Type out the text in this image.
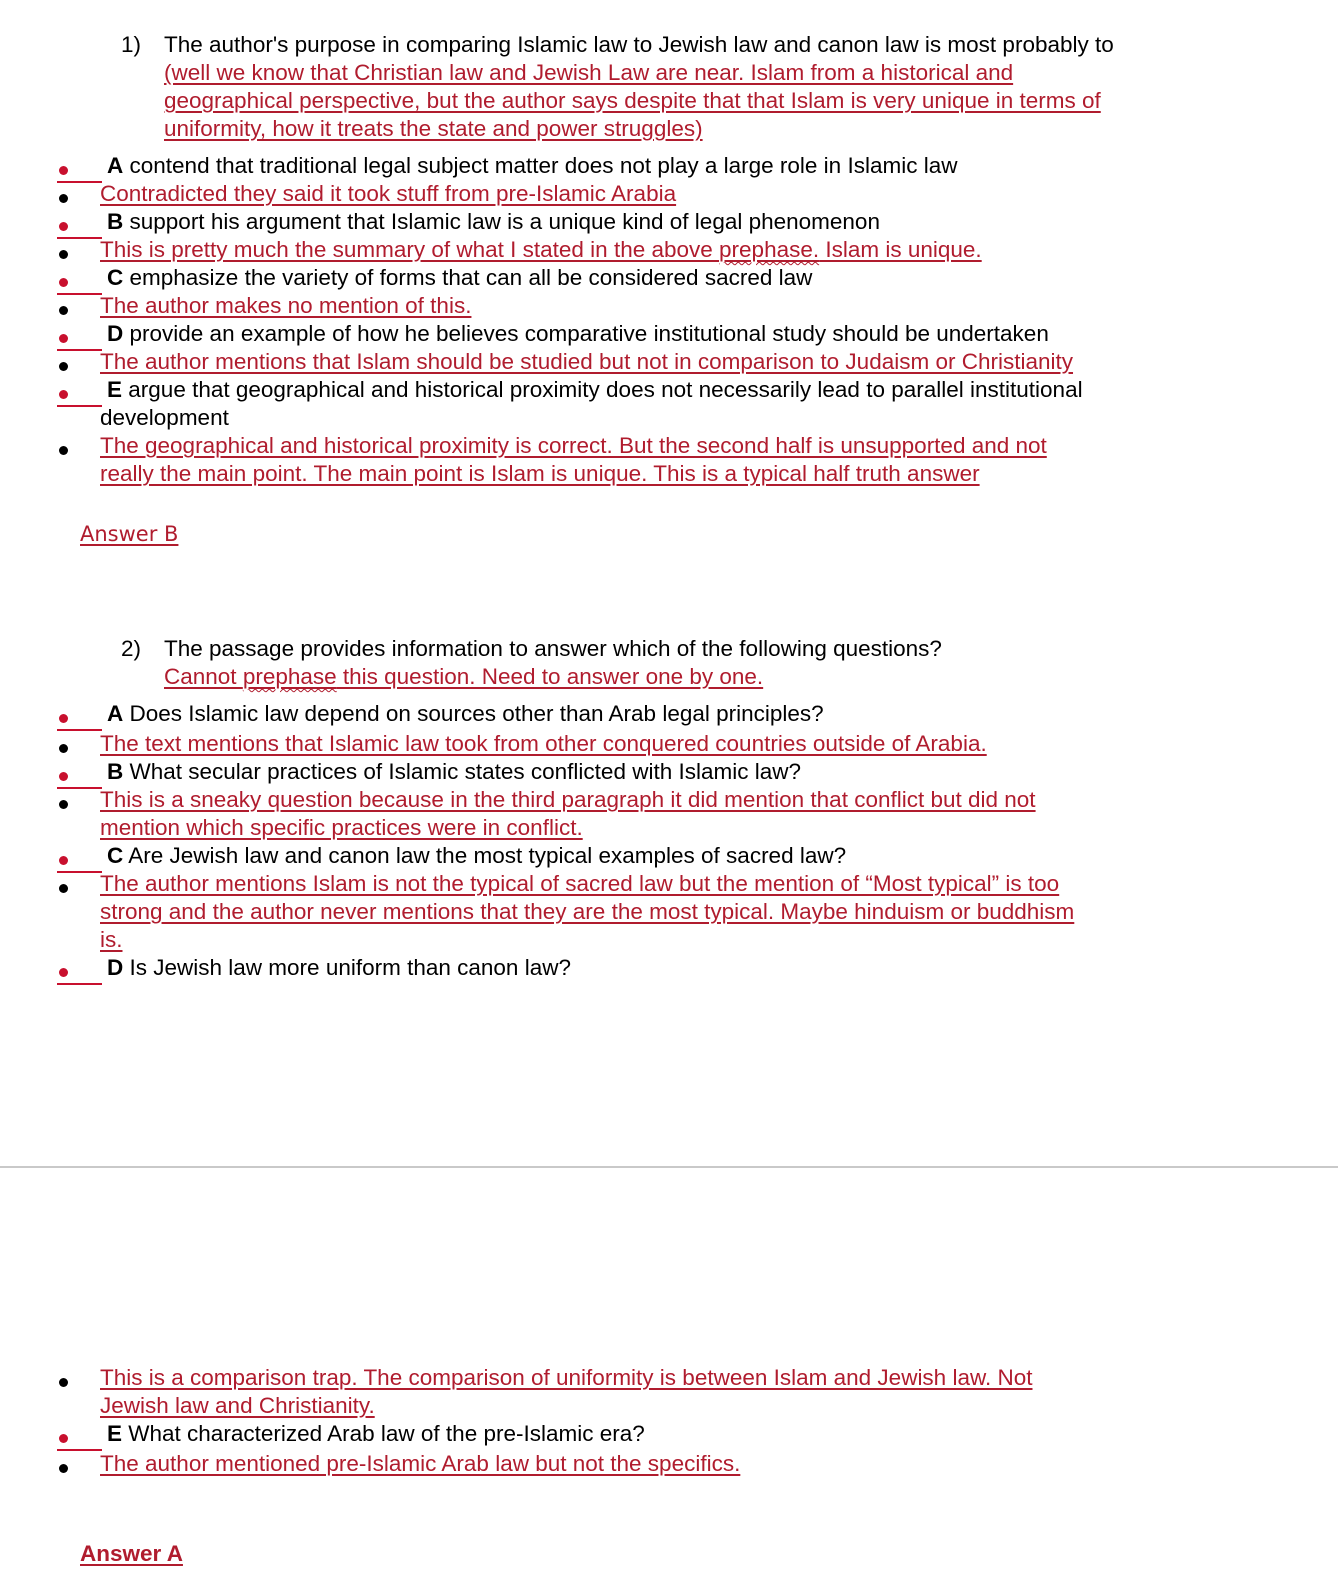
1) The author's purpose in comparing Islamic law to Jewish law and canon law is most probably to
(well we know that Christian law and Jewish Law are near. Islam from a historical and
geographical perspective, but the author says despite that that Islam is very unique in terms of
uniformity, how it treats the state and power struggles)
A contend that traditional legal subject matter does not play a large role in Islamic law
Contradicted they said it took stuff from pre-Islamic Arabia
B support his argument that Islamic law is a unique kind of legal phenomenon
This is pretty much the summary of what I stated in the above prephase. Islam is unique.
C emphasize the variety of forms that can all be considered sacred law
The author makes no mention of this.
D provide an example of how he believes comparative institutional study should be undertaken
The author mentions that Islam should be studied but not in comparison to Judaism or Christianity
E argue that geographical and historical proximity does not necessarily lead to parallel institutional
development
The geographical and historical proximity is correct. But the second half is unsupported and not
really the main point. The main point is Islam is unique. This is a typical half truth answer
Answer B
2) The passage provides information to answer which of the following questions?
Cannot prephase this question. Need to answer one by one.
A Does Islamic law depend on sources other than Arab legal principles?
The text mentions that Islamic law took from other conquered countries outside of Arabia.
B What secular practices of Islamic states conflicted with Islamic law?
This is a sneaky question because in the third paragraph it did mention that conflict but did not
mention which specific practices were in conflict.
C Are Jewish law and canon law the most typical examples of sacred law?
The author mentions Islam is not the typical of sacred law but the mention of “Most typical” is too
strong and the author never mentions that they are the most typical. Maybe hinduism or buddhism
is.
D Is Jewish law more uniform than canon law?
This is a comparison trap. The comparison of uniformity is between Islam and Jewish law. Not
Jewish law and Christianity.
E What characterized Arab law of the pre-Islamic era?
The author mentioned pre-Islamic Arab law but not the specifics.
Answer A
